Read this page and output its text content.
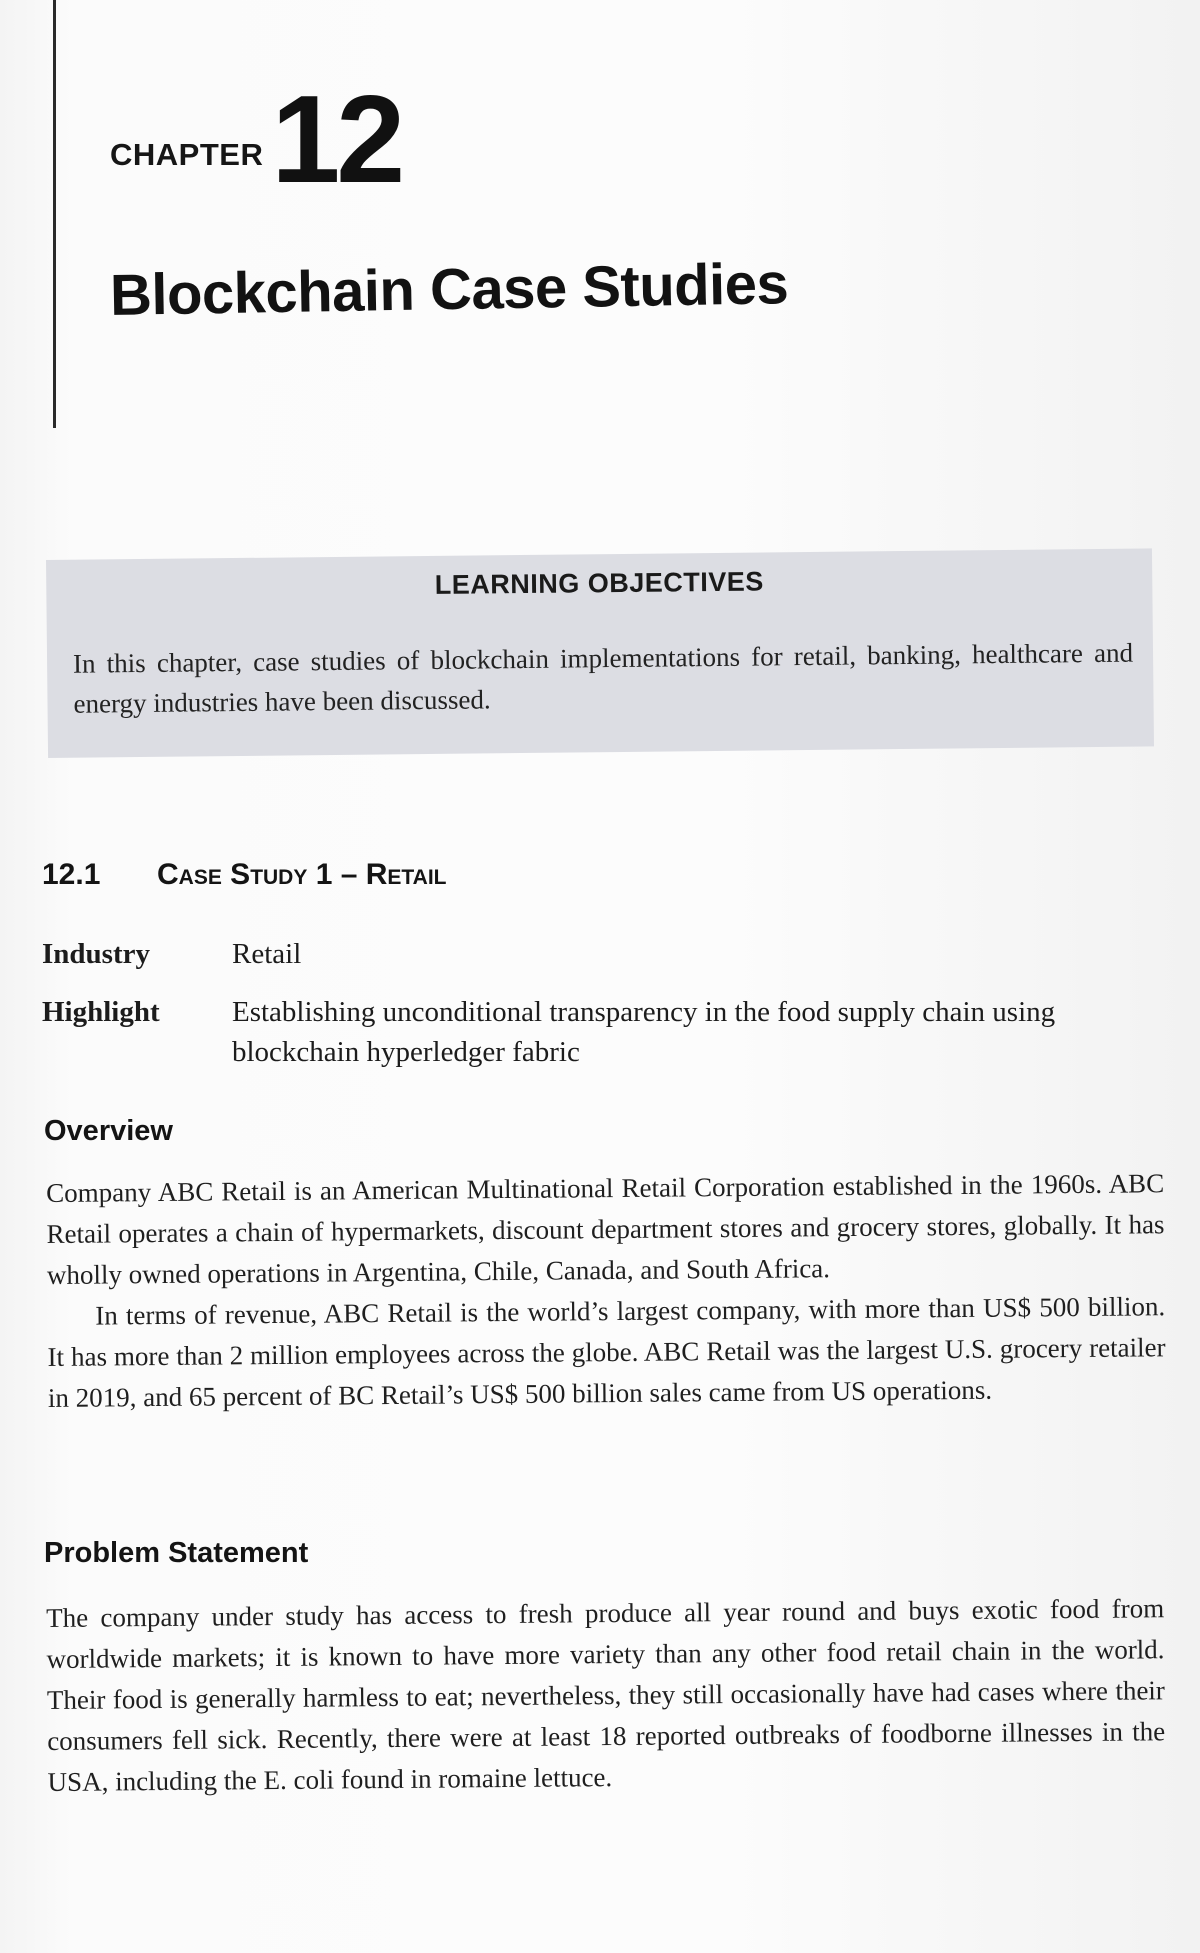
CHAPTER 12
Blockchain Case Studies
LEARNING OBJECTIVES
In this chapter, case studies of blockchain implementations for retail, banking, healthcare and energy industries have been discussed.
12.1 Case Study 1 – Retail
Industry	Retail
Highlight	Establishing unconditional transparency in the food supply chain using blockchain hyperledger fabric
Overview

Company ABC Retail is an American Multinational Retail Corporation established in the 1960s. ABC Retail operates a chain of hypermarkets, discount department stores and grocery stores, globally. It has wholly owned operations in Argentina, Chile, Canada, and South Africa.

In terms of revenue, ABC Retail is the world’s largest company, with more than US$ 500 billion. It has more than 2 million employees across the globe. ABC Retail was the largest U.S. grocery retailer in 2019, and 65 percent of BC Retail’s US$ 500 billion sales came from US operations.

Problem Statement

The company under study has access to fresh produce all year round and buys exotic food from worldwide markets; it is known to have more variety than any other food retail chain in the world. Their food is generally harmless to eat; nevertheless, they still occasionally have had cases where their consumers fell sick. Recently, there were at least 18 reported outbreaks of foodborne illnesses in the USA, including the E. coli found in romaine lettuce.
